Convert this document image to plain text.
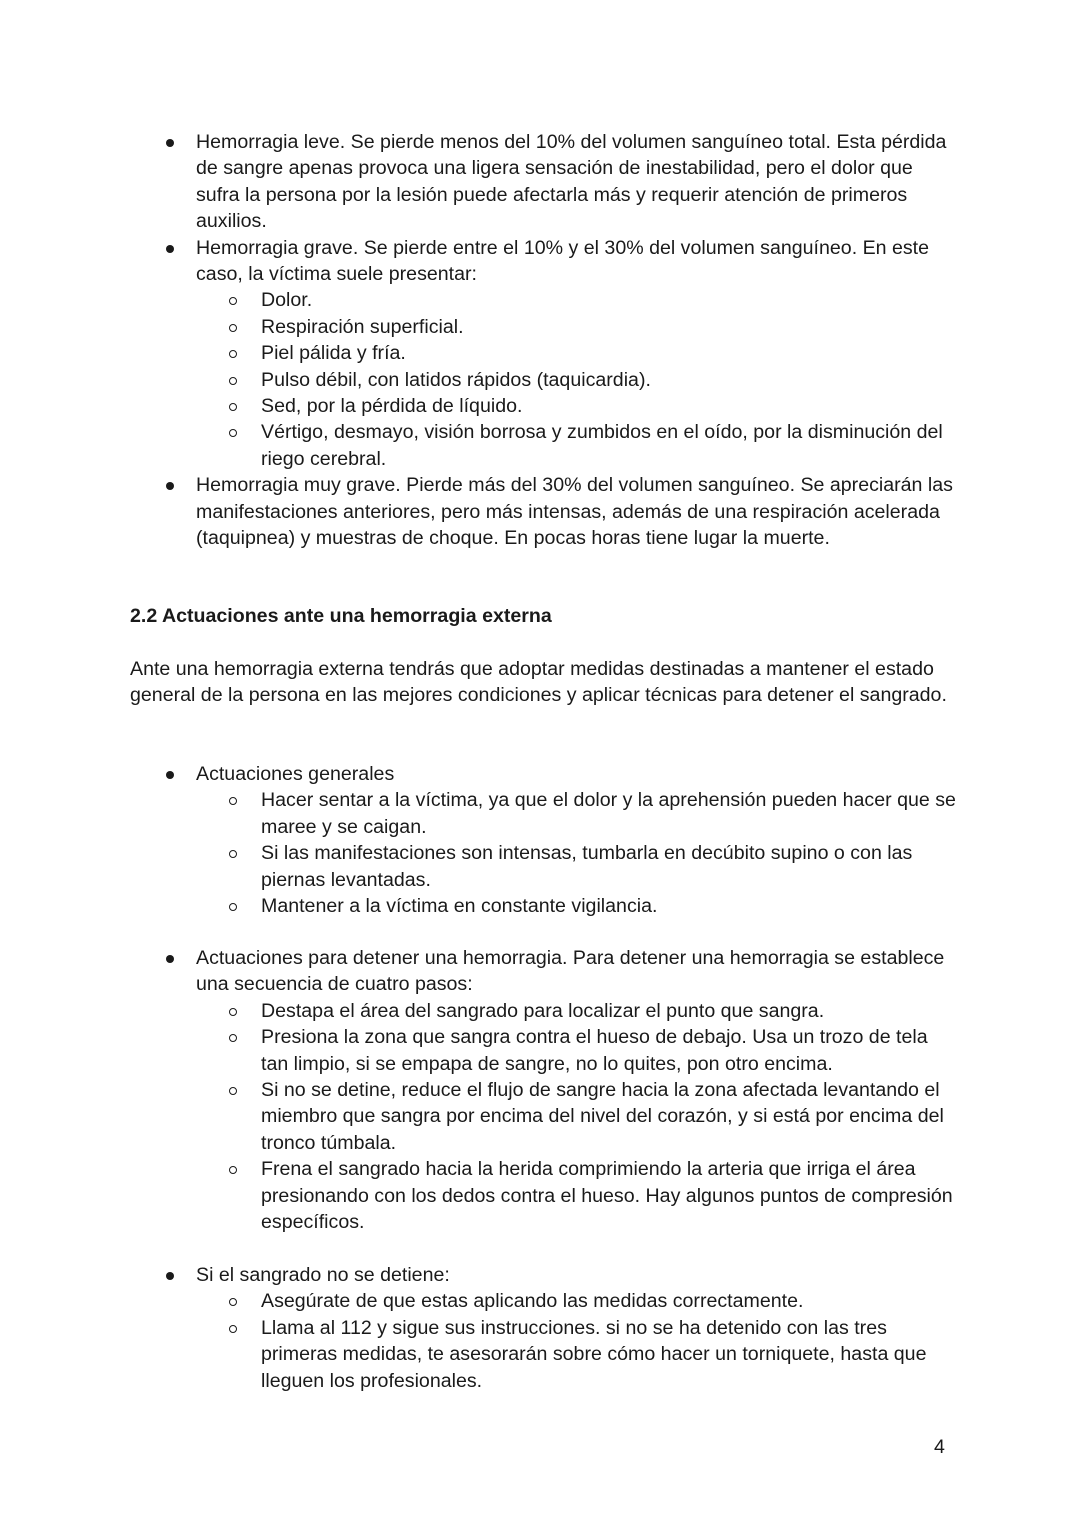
Hemorragia leve. Se pierde menos del 10% del volumen sanguíneo total. Esta pérdida de sangre apenas provoca una ligera sensación de inestabilidad, pero el dolor que sufra la persona por la lesión puede afectarla más y requerir atención de primeros auxilios.
Hemorragia grave. Se pierde entre el 10% y el 30% del volumen sanguíneo. En este caso, la víctima suele presentar:
Dolor.
Respiración superficial.
Piel pálida y fría.
Pulso débil, con latidos rápidos (taquicardia).
Sed, por la pérdida de líquido.
Vértigo, desmayo, visión borrosa y zumbidos en el oído, por la disminución del riego cerebral.
Hemorragia muy grave. Pierde más del 30% del volumen sanguíneo. Se apreciarán las manifestaciones anteriores, pero más intensas, además de una respiración acelerada (taquipnea) y muestras de choque. En pocas horas tiene lugar la muerte.
2.2 Actuaciones ante una hemorragia externa
Ante una hemorragia externa tendrás que adoptar medidas destinadas a mantener el estado general de la persona en las mejores condiciones y aplicar técnicas para detener el sangrado.
Actuaciones generales
Hacer sentar a la víctima, ya que el dolor y la aprehensión pueden hacer que se maree y se caigan.
Si las manifestaciones son intensas, tumbarla en decúbito supino o con las piernas levantadas.
Mantener a la víctima en constante vigilancia.
Actuaciones para detener una hemorragia. Para detener una hemorragia se establece una secuencia de cuatro pasos:
Destapa el área del sangrado para localizar el punto que sangra.
Presiona la zona que sangra contra el hueso de debajo. Usa un trozo de tela tan limpio, si se empapa de sangre, no lo quites, pon otro encima.
Si no se detine, reduce el flujo de sangre hacia la zona afectada levantando el miembro que sangra por encima del nivel del corazón, y si está por encima del tronco túmbala.
Frena el sangrado hacia la herida comprimiendo la arteria que irriga el área presionando con los dedos contra el hueso. Hay algunos puntos de compresión específicos.
Si el sangrado no se detiene:
Asegúrate de que estas aplicando las medidas correctamente.
Llama al 112 y sigue sus instrucciones. si no se ha detenido con las tres primeras medidas, te asesorarán sobre cómo hacer un torniquete, hasta que lleguen los profesionales.
4
